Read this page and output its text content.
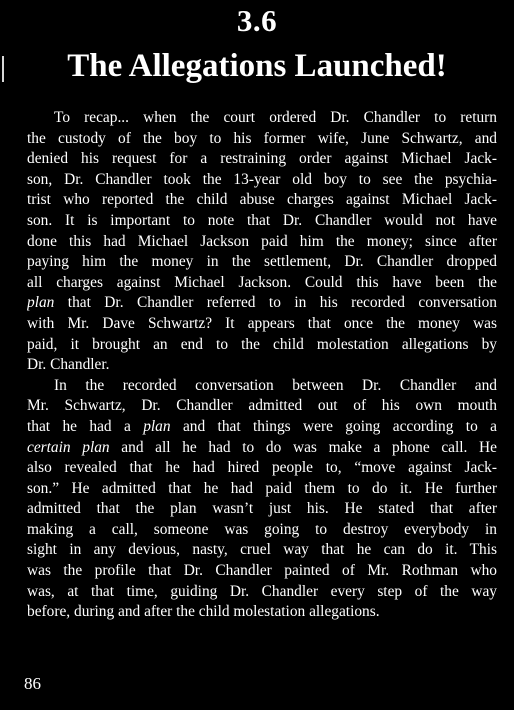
3.6
The Allegations Launched!
To recap... when the court ordered Dr. Chandler to return
the custody of the boy to his former wife, June Schwartz, and
denied his request for a restraining order against Michael Jack-
son, Dr. Chandler took the 13-year old boy to see the psychia-
trist who reported the child abuse charges against Michael Jack-
son. It is important to note that Dr. Chandler would not have
done this had Michael Jackson paid him the money; since after
paying him the money in the settlement, Dr. Chandler dropped
all charges against Michael Jackson. Could this have been the
plan that Dr. Chandler referred to in his recorded conversation
with Mr. Dave Schwartz? It appears that once the money was
paid, it brought an end to the child molestation allegations by
Dr. Chandler.
In the recorded conversation between Dr. Chandler and
Mr. Schwartz, Dr. Chandler admitted out of his own mouth
that he had a plan and that things were going according to a
certain plan and all he had to do was make a phone call. He
also revealed that he had hired people to, “move against Jack-
son.” He admitted that he had paid them to do it. He further
admitted that the plan wasn’t just his. He stated that after
making a call, someone was going to destroy everybody in
sight in any devious, nasty, cruel way that he can do it. This
was the profile that Dr. Chandler painted of Mr. Rothman who
was, at that time, guiding Dr. Chandler every step of the way
before, during and after the child molestation allegations.
86
